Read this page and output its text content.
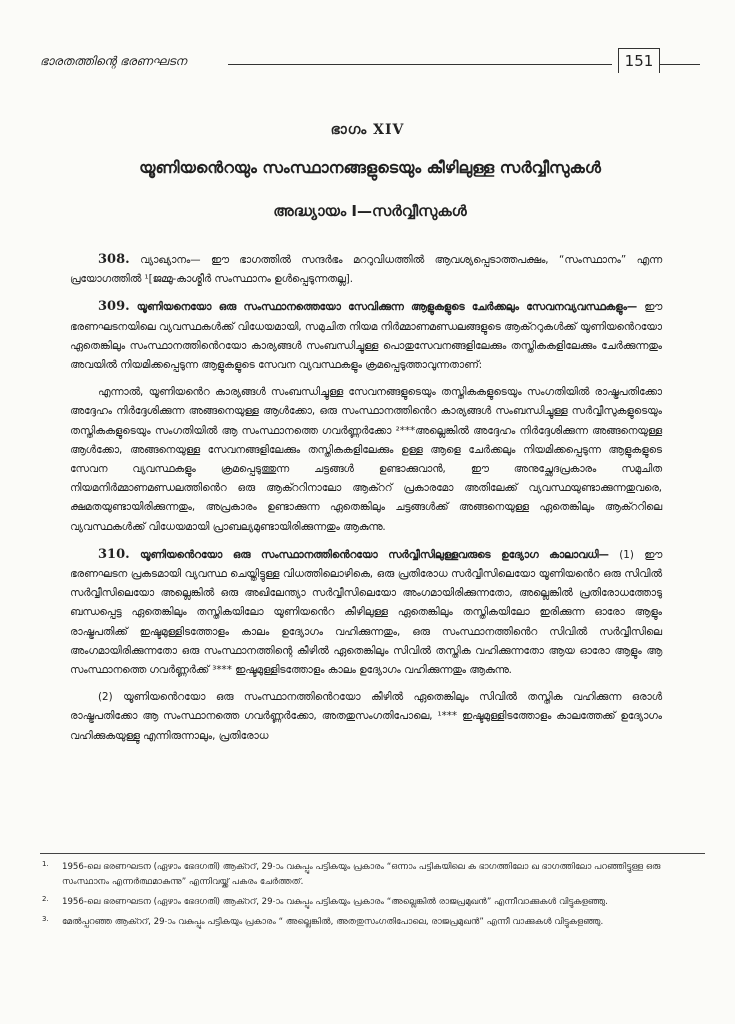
ഭാരതത്തിന്റെ ഭരണഘടന	151
ഭാഗം XIV
യൂണിയൻെറയും സംസ്ഥാനങ്ങളുടെയും കീഴിലുള്ള സർവ്വീസുകൾ
അദ്ധ്യായം I—സർവ്വീസുകൾ

308. വ്യാഖ്യാനം— ഈ ഭാഗത്തിൽ സന്ദർഭം മററുവിധത്തിൽ ആവശ്യപ്പെടാത്തപക്ഷം, “സംസ്ഥാനം” എന്ന പ്രയോഗത്തിൽ ¹[ജമ്മു-കാശ്മീർ സംസ്ഥാനം ഉൾപ്പെടുന്നതല്ല].

309. യൂണിയനെയോ ഒരു സംസ്ഥാനത്തെയോ സേവിക്കുന്ന ആളുകളുടെ ചേർക്കലും സേവനവ്യവസ്ഥകളും— ഈ ഭരണഘടനയിലെ വ്യവസ്ഥകൾക്ക് വിധേയമായി, സമുചിത നിയമ നിർമ്മാണമണ്ഡലങ്ങളുടെ ആക്ററുകൾക്ക് യൂണിയൻെറയോ ഏതെങ്കിലും സംസ്ഥാനത്തിൻെറയോ കാര്യങ്ങൾ സംബന്ധിച്ചുള്ള പൊതുസേവനങ്ങളിലേക്കും തസ്തികകളിലേക്കും ചേർക്കുന്നതും അവയിൽ നിയമിക്കപ്പെടുന്ന ആളുകളുടെ സേവന വ്യവസ്ഥകളും ക്രമപ്പെടുത്താവുന്നതാണ്:

എന്നാൽ, യൂണിയൻെറ കാര്യങ്ങൾ സംബന്ധിച്ചുള്ള സേവനങ്ങളുടെയും തസ്തികകളുടെയും സംഗതിയിൽ രാഷ്ട്രപതിക്കോ അദ്ദേഹം നിർദ്ദേശിക്കുന്ന അങ്ങനെയുള്ള ആൾക്കോ, ഒരു സംസ്ഥാനത്തിൻെറ കാര്യങ്ങൾ സംബന്ധിച്ചുള്ള സർവ്വീസുകളുടെയും തസ്തികകളുടെയും സംഗതിയിൽ ആ സംസ്ഥാനത്തെ ഗവർണ്ണർക്കോ ²***അല്ലെങ്കിൽ അദ്ദേഹം നിർദ്ദേശിക്കുന്ന അങ്ങനെയുള്ള ആൾക്കോ, അങ്ങനെയുള്ള സേവനങ്ങളിലേക്കും തസ്തികകളിലേക്കും ഉള്ള ആളെ ചേർക്കലും നിയമിക്കപ്പെടുന്ന ആളുകളുടെ സേവന വ്യവസ്ഥകളും ക്രമപ്പെടുത്തുന്ന ചട്ടങ്ങൾ ഉണ്ടാക്കുവാൻ, ഈ അനുച്ഛേദപ്രകാരം സമുചിത നിയമനിർമ്മാണമണ്ഡലത്തിൻെറ ഒരു ആക്ററിനാലോ ആക്ററ് പ്രകാരമോ അതിലേക്ക് വ്യവസ്ഥയുണ്ടാക്കുന്നതുവരെ, ക്ഷമതയുണ്ടായിരിക്കുന്നതും, അപ്രകാരം ഉണ്ടാക്കുന്ന ഏതെങ്കിലും ചട്ടങ്ങൾക്ക് അങ്ങനെയുള്ള ഏതെങ്കിലും ആക്ററിലെ വ്യവസ്ഥകൾക്ക് വിധേയമായി പ്രാബല്യമുണ്ടായിരിക്കുന്നതും ആകുന്നു.

310. യൂണിയൻെറയോ ഒരു സംസ്ഥാനത്തിൻെറയോ സർവ്വീസിലുള്ളവരുടെ ഉദ്യോഗ കാലാവധി— (1) ഈ ഭരണഘടന പ്രകടമായി വ്യവസ്ഥ ചെയ്തിട്ടുള്ള വിധത്തിലൊഴികെ, ഒരു പ്രതിരോധ സർവ്വീസിലെയോ യൂണിയൻെറ ഒരു സിവിൽ സർവ്വീസിലെയോ അല്ലെങ്കിൽ ഒരു അഖിലേന്ത്യാ സർവ്വീസിലെയോ അംഗമായിരിക്കുന്നതോ, അല്ലെങ്കിൽ പ്രതിരോധത്തോടു ബന്ധപ്പെട്ട ഏതെങ്കിലും തസ്തികയിലോ യൂണിയൻെറ കീഴിലുള്ള ഏതെങ്കിലും തസ്തികയിലോ ഇരിക്കുന്ന ഓരോ ആളും രാഷ്ട്രപതിക്ക് ഇഷ്ടമുള്ളിടത്തോളം കാലം ഉദ്യോഗം വഹിക്കുന്നതും, ഒരു സംസ്ഥാനത്തിൻെറ സിവിൽ സർവ്വീസിലെ അംഗമായിരിക്കുന്നതോ ഒരു സംസ്ഥാനത്തിന്റെ കീഴിൽ ഏതെങ്കിലും സിവിൽ തസ്തിക വഹിക്കുന്നതോ ആയ ഓരോ ആളും ആ സംസ്ഥാനത്തെ ഗവർണ്ണർക്ക് ³*** ഇഷ്ടമുള്ളിടത്തോളം കാലം ഉദ്യോഗം വഹിക്കുന്നതും ആകുന്നു.

(2) യൂണിയൻെറയോ ഒരു സംസ്ഥാനത്തിൻെറയോ കീഴിൽ ഏതെങ്കിലും സിവിൽ തസ്തിക വഹിക്കുന്ന ഒരാൾ രാഷ്ട്രപതിക്കോ ആ സംസ്ഥാനത്തെ ഗവർണ്ണർക്കോ, അതതുസംഗതിപോലെ, ¹*** ഇഷ്ടമുള്ളിടത്തോളം കാലത്തേക്ക് ഉദ്യോഗം വഹിക്കുകയുള്ളു എന്നിരുന്നാലും, പ്രതിരോധ

1. 1956-ലെ ഭരണഘടന (ഏഴാം ഭേദഗതി) ആക്ററ്, 29-ാം വകുപ്പും പട്ടികയും പ്രകാരം “ഒന്നാം പട്ടികയിലെ ക ഭാഗത്തിലോ ഖ ഭാഗത്തിലോ പറഞ്ഞിട്ടുള്ള ഒരു സംസ്ഥാനം എന്നർത്ഥമാകുന്നു” എന്നിവയ്ക്ക് പകരം ചേർത്തത്.
2. 1956-ലെ ഭരണഘടന (ഏഴാം ഭേദഗതി) ആക്ററ്, 29-ാം വകുപ്പും പട്ടികയും പ്രകാരം “അല്ലെങ്കിൽ രാജപ്രമുഖൻ” എന്നീവാക്കുകൾ വിട്ടുകളഞ്ഞു.
3. മേൽപ്പറഞ്ഞ ആക്ററ്, 29-ാം വകുപ്പും പട്ടികയും പ്രകാരം “ അല്ലെങ്കിൽ, അതതുസംഗതിപോലെ, രാജപ്രമുഖൻ” എന്നീ വാക്കുകൾ വിട്ടുകളഞ്ഞു.
